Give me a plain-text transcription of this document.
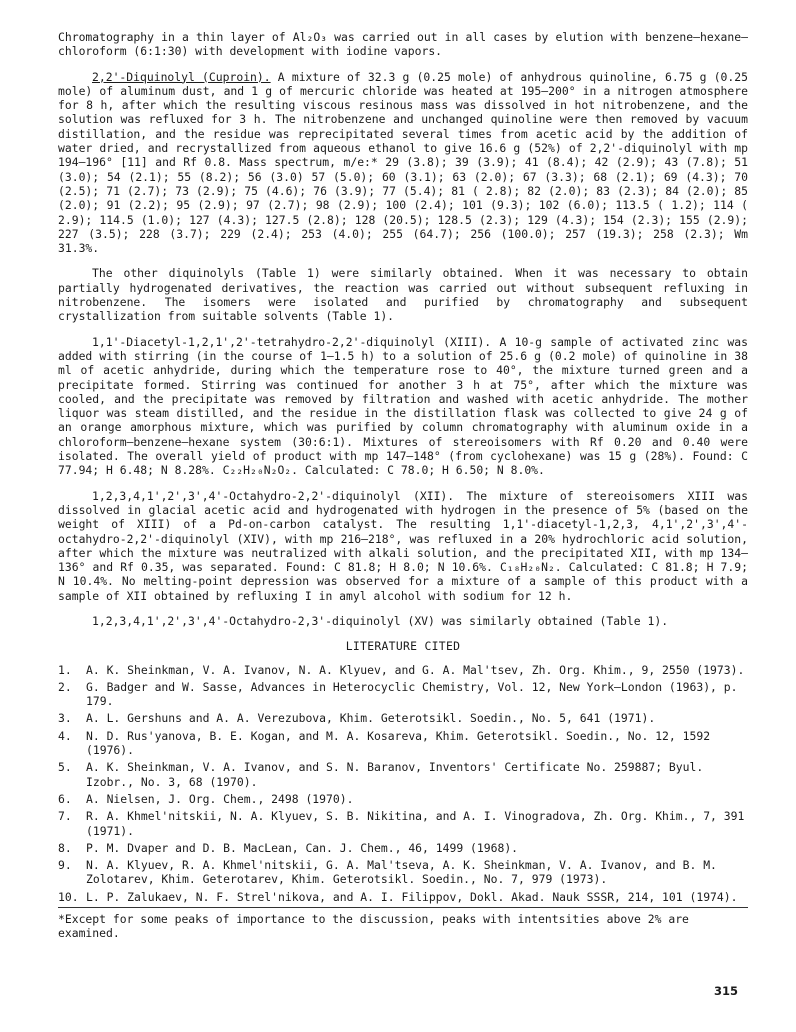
Chromatography in a thin layer of Al₂O₃ was carried out in all cases by elution with benzene–hexane–chloroform (6:1:30) with development with iodine vapors.

2,2'-Diquinolyl (Cuproin). A mixture of 32.3 g (0.25 mole) of anhydrous quinoline, 6.75 g (0.25 mole) of aluminum dust, and 1 g of mercuric chloride was heated at 195–200° in a nitrogen atmosphere for 8 h, after which the resulting viscous resinous mass was dissolved in hot nitrobenzene, and the solution was refluxed for 3 h. The nitrobenzene and unchanged quinoline were then removed by vacuum distillation, and the residue was reprecipitated several times from acetic acid by the addition of water dried, and recrystallized from aqueous ethanol to give 16.6 g (52%) of 2,2'-diquinolyl with mp 194–196° [11] and Rf 0.8. Mass spectrum, m/e:* 29 (3.8); 39 (3.9); 41 (8.4); 42 (2.9); 43 (7.8); 51 (3.0); 54 (2.1); 55 (8.2); 56 (3.0) 57 (5.0); 60 (3.1); 63 (2.0); 67 (3.3); 68 (2.1); 69 (4.3); 70 (2.5); 71 (2.7); 73 (2.9); 75 (4.6); 76 (3.9); 77 (5.4); 81 ( 2.8); 82 (2.0); 83 (2.3); 84 (2.0); 85 (2.0); 91 (2.2); 95 (2.9); 97 (2.7); 98 (2.9); 100 (2.4); 101 (9.3); 102 (6.0); 113.5 ( 1.2); 114 ( 2.9); 114.5 (1.0); 127 (4.3); 127.5 (2.8); 128 (20.5); 128.5 (2.3); 129 (4.3); 154 (2.3); 155 (2.9); 227 (3.5); 228 (3.7); 229 (2.4); 253 (4.0); 255 (64.7); 256 (100.0); 257 (19.3); 258 (2.3); Wm 31.3%.

The other diquinolyls (Table 1) were similarly obtained. When it was necessary to obtain partially hydrogenated derivatives, the reaction was carried out without subsequent refluxing in nitrobenzene. The isomers were isolated and purified by chromatography and subsequent crystallization from suitable solvents (Table 1).

1,1'-Diacetyl-1,2,1',2'-tetrahydro-2,2'-diquinolyl (XIII). A 10-g sample of activated zinc was added with stirring (in the course of 1–1.5 h) to a solution of 25.6 g (0.2 mole) of quinoline in 38 ml of acetic anhydride, during which the temperature rose to 40°, the mixture turned green and a precipitate formed. Stirring was continued for another 3 h at 75°, after which the mixture was cooled, and the precipitate was removed by filtration and washed with acetic anhydride. The mother liquor was steam distilled, and the residue in the distillation flask was collected to give 24 g of an orange amorphous mixture, which was purified by column chromatography with aluminum oxide in a chloroform–benzene–hexane system (30:6:1). Mixtures of stereoisomers with Rf 0.20 and 0.40 were isolated. The overall yield of product with mp 147–148° (from cyclohexane) was 15 g (28%). Found: C 77.94; H 6.48; N 8.28%. C₂₂H₂₀N₂O₂. Calculated: C 78.0; H 6.50; N 8.0%.

1,2,3,4,1',2',3',4'-Octahydro-2,2'-diquinolyl (XII). The mixture of stereoisomers XIII was dissolved in glacial acetic acid and hydrogenated with hydrogen in the presence of 5% (based on the weight of XIII) of a Pd-on-carbon catalyst. The resulting 1,1'-diacetyl-1,2,3, 4,1',2',3',4'-octahydro-2,2'-diquinolyl (XIV), with mp 216–218°, was refluxed in a 20% hydrochloric acid solution, after which the mixture was neutralized with alkali solution, and the precipitated XII, with mp 134–136° and Rf 0.35, was separated. Found: C 81.8; H 8.0; N 10.6%. C₁₈H₂₀N₂. Calculated: C 81.8; H 7.9; N 10.4%. No melting-point depression was observed for a mixture of a sample of this product with a sample of XII obtained by refluxing I in amyl alcohol with sodium for 12 h.

1,2,3,4,1',2',3',4'-Octahydro-2,3'-diquinolyl (XV) was similarly obtained (Table 1).

LITERATURE CITED
1.	A. K. Sheinkman, V. A. Ivanov, N. A. Klyuev, and G. A. Mal'tsev, Zh. Org. Khim., 9, 2550 (1973).
2.	G. Badger and W. Sasse, Advances in Heterocyclic Chemistry, Vol. 12, New York–London (1963), p. 179.
3.	A. L. Gershuns and A. A. Verezubova, Khim. Geterotsikl. Soedin., No. 5, 641 (1971).
4.	N. D. Rus'yanova, B. E. Kogan, and M. A. Kosareva, Khim. Geterotsikl. Soedin., No. 12, 1592 (1976).
5.	A. K. Sheinkman, V. A. Ivanov, and S. N. Baranov, Inventors' Certificate No. 259887; Byul. Izobr., No. 3, 68 (1970).
6.	A. Nielsen, J. Org. Chem., 2498 (1970).
7.	R. A. Khmel'nitskii, N. A. Klyuev, S. B. Nikitina, and A. I. Vinogradova, Zh. Org. Khim., 7, 391 (1971).
8.	P. M. Dvaper and D. B. MacLean, Can. J. Chem., 46, 1499 (1968).
9.	N. A. Klyuev, R. A. Khmel'nitskii, G. A. Mal'tseva, A. K. Sheinkman, V. A. Ivanov, and B. M. Zolotarev, Khim. Geterotarev, Khim. Geterotsikl. Soedin., No. 7, 979 (1973).
10. L. P. Zalukaev, N. F. Strel'nikova, and A. I. Filippov, Dokl. Akad. Nauk SSSR, 214, 101 (1974).
*Except for some peaks of importance to the discussion, peaks with intentsities above 2% are examined.
315
